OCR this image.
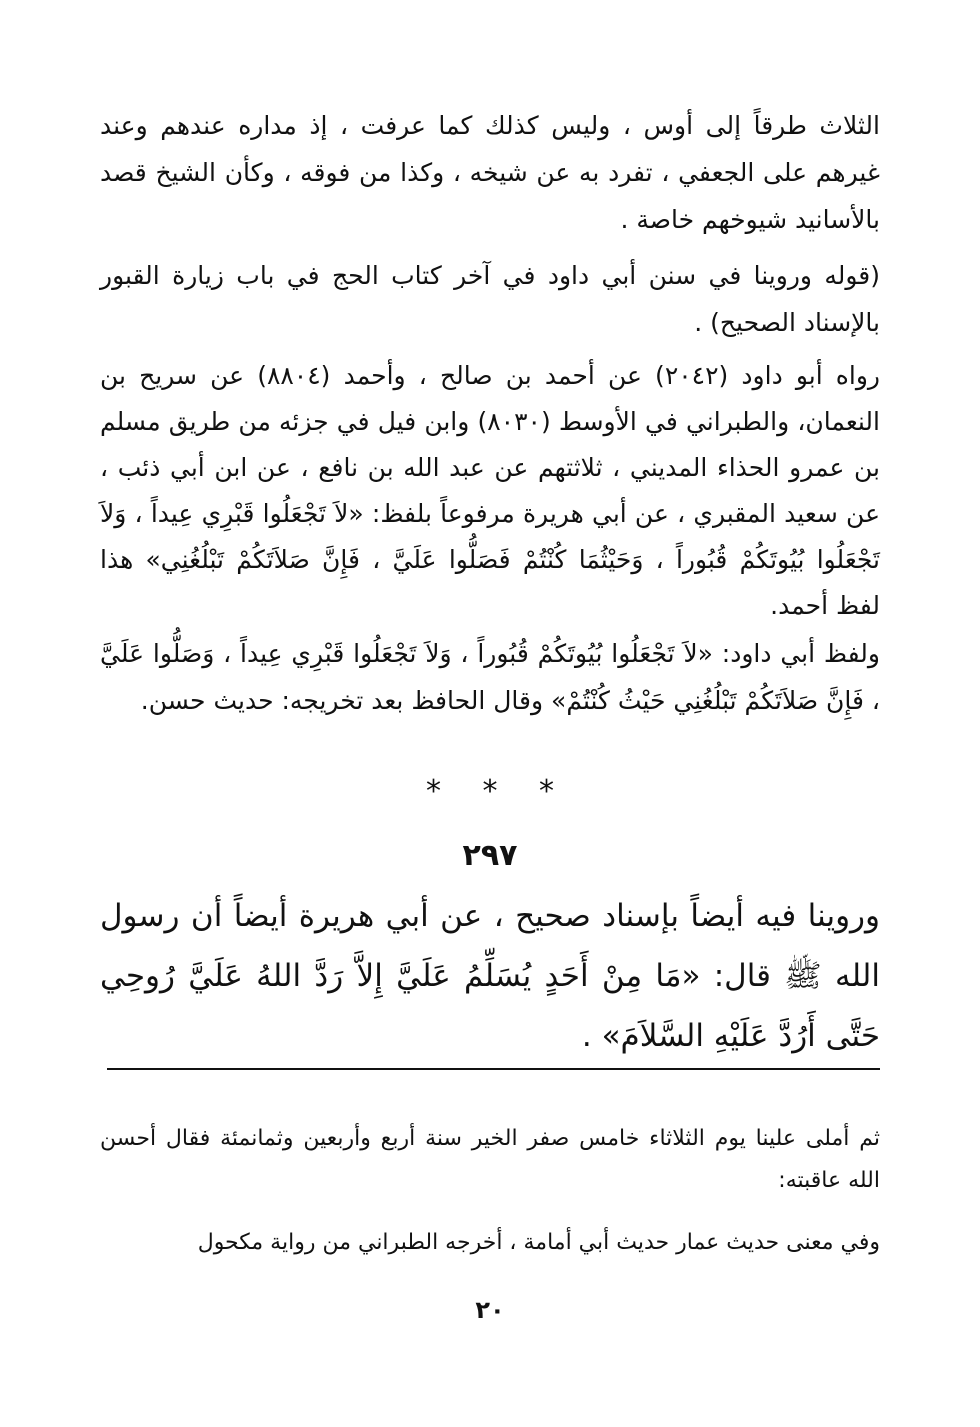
الثلاث طرقاً إلى أوس ، وليس كذلك كما عرفت ، إذ مداره عندهم وعند غيرهم على الجعفي ، تفرد به عن شيخه ، وكذا من فوقه ، وكأن الشيخ قصد بالأسانيد شيوخهم خاصة .

(قوله وروينا في سنن أبي داود في آخر كتاب الحج في باب زيارة القبور بالإسناد الصحيح) .

رواه أبو داود (٢٠٤٢) عن أحمد بن صالح ، وأحمد (٨٨٠٤) عن سريح بن النعمان، والطبراني في الأوسط (٨٠٣٠) وابن فيل في جزئه من طريق مسلم بن عمرو الحذاء المديني ، ثلاثتهم عن عبد الله بن نافع ، عن ابن أبي ذئب ، عن سعيد المقبري ، عن أبي هريرة مرفوعاً بلفظ: «لاَ تَجْعَلُوا قَبْرِي عِيداً ، وَلاَ تَجْعَلُوا بُيُوتَكُمْ قُبُوراً ، وَحَيْثُمَا كُنْتُمْ فَصَلُّوا عَلَيَّ ، فَإِنَّ صَلاَتَكُمْ تَبْلُغُنِي» هذا لفظ أحمد.

ولفظ أبي داود: «لاَ تَجْعَلُوا بُيُوتَكُمْ قُبُوراً ، وَلاَ تَجْعَلُوا قَبْرِي عِيداً ، وَصَلُّوا عَلَيَّ ، فَإِنَّ صَلاَتَكُمْ تَبْلُغُنِي حَيْثُ كُنْتُمْ» وقال الحافظ بعد تخريجه: حديث حسن.

* * *
٢٩٧

وروينا فيه أيضاً بإسناد صحيح ، عن أبي هريرة أيضاً أن رسول الله ﷺ قال: «مَا مِنْ أَحَدٍ يُسَلِّمُ عَلَيَّ إِلاَّ رَدَّ اللهُ عَلَيَّ رُوحِي حَتَّى أَرُدَّ عَلَيْهِ السَّلاَمَ» .

ثم أملى علينا يوم الثلاثاء خامس صفر الخير سنة أربع وأربعين وثمانمئة فقال أحسن الله عاقبته:

وفي معنى حديث عمار حديث أبي أمامة ، أخرجه الطبراني من رواية مكحول

٢٠
